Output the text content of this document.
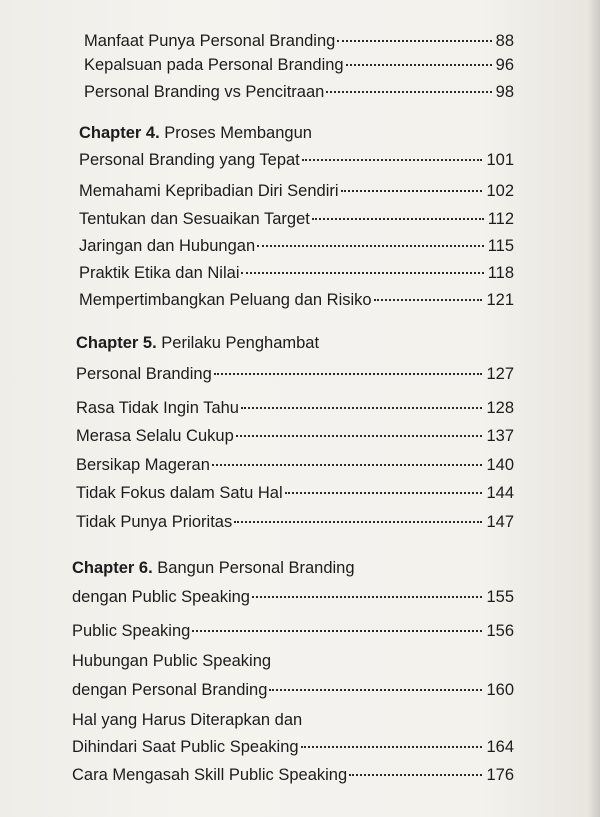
Manfaat Punya Personal Branding	88
Kepalsuan pada Personal Branding	96
Personal Branding vs Pencitraan	98
Chapter 4. Proses Membangun
Personal Branding yang Tepat	101
Memahami Kepribadian Diri Sendiri	102
Tentukan dan Sesuaikan Target	112
Jaringan dan Hubungan	115
Praktik Etika dan Nilai	118
Mempertimbangkan Peluang dan Risiko	121
Chapter 5. Perilaku Penghambat
Personal Branding	127
Rasa Tidak Ingin Tahu	128
Merasa Selalu Cukup	137
Bersikap Mageran	140
Tidak Fokus dalam Satu Hal	144
Tidak Punya Prioritas	147
Chapter 6. Bangun Personal Branding
dengan Public Speaking	155
Public Speaking	156
Hubungan Public Speaking
dengan Personal Branding	160
Hal yang Harus Diterapkan dan
Dihindari Saat Public Speaking	164
Cara Mengasah Skill Public Speaking	176
